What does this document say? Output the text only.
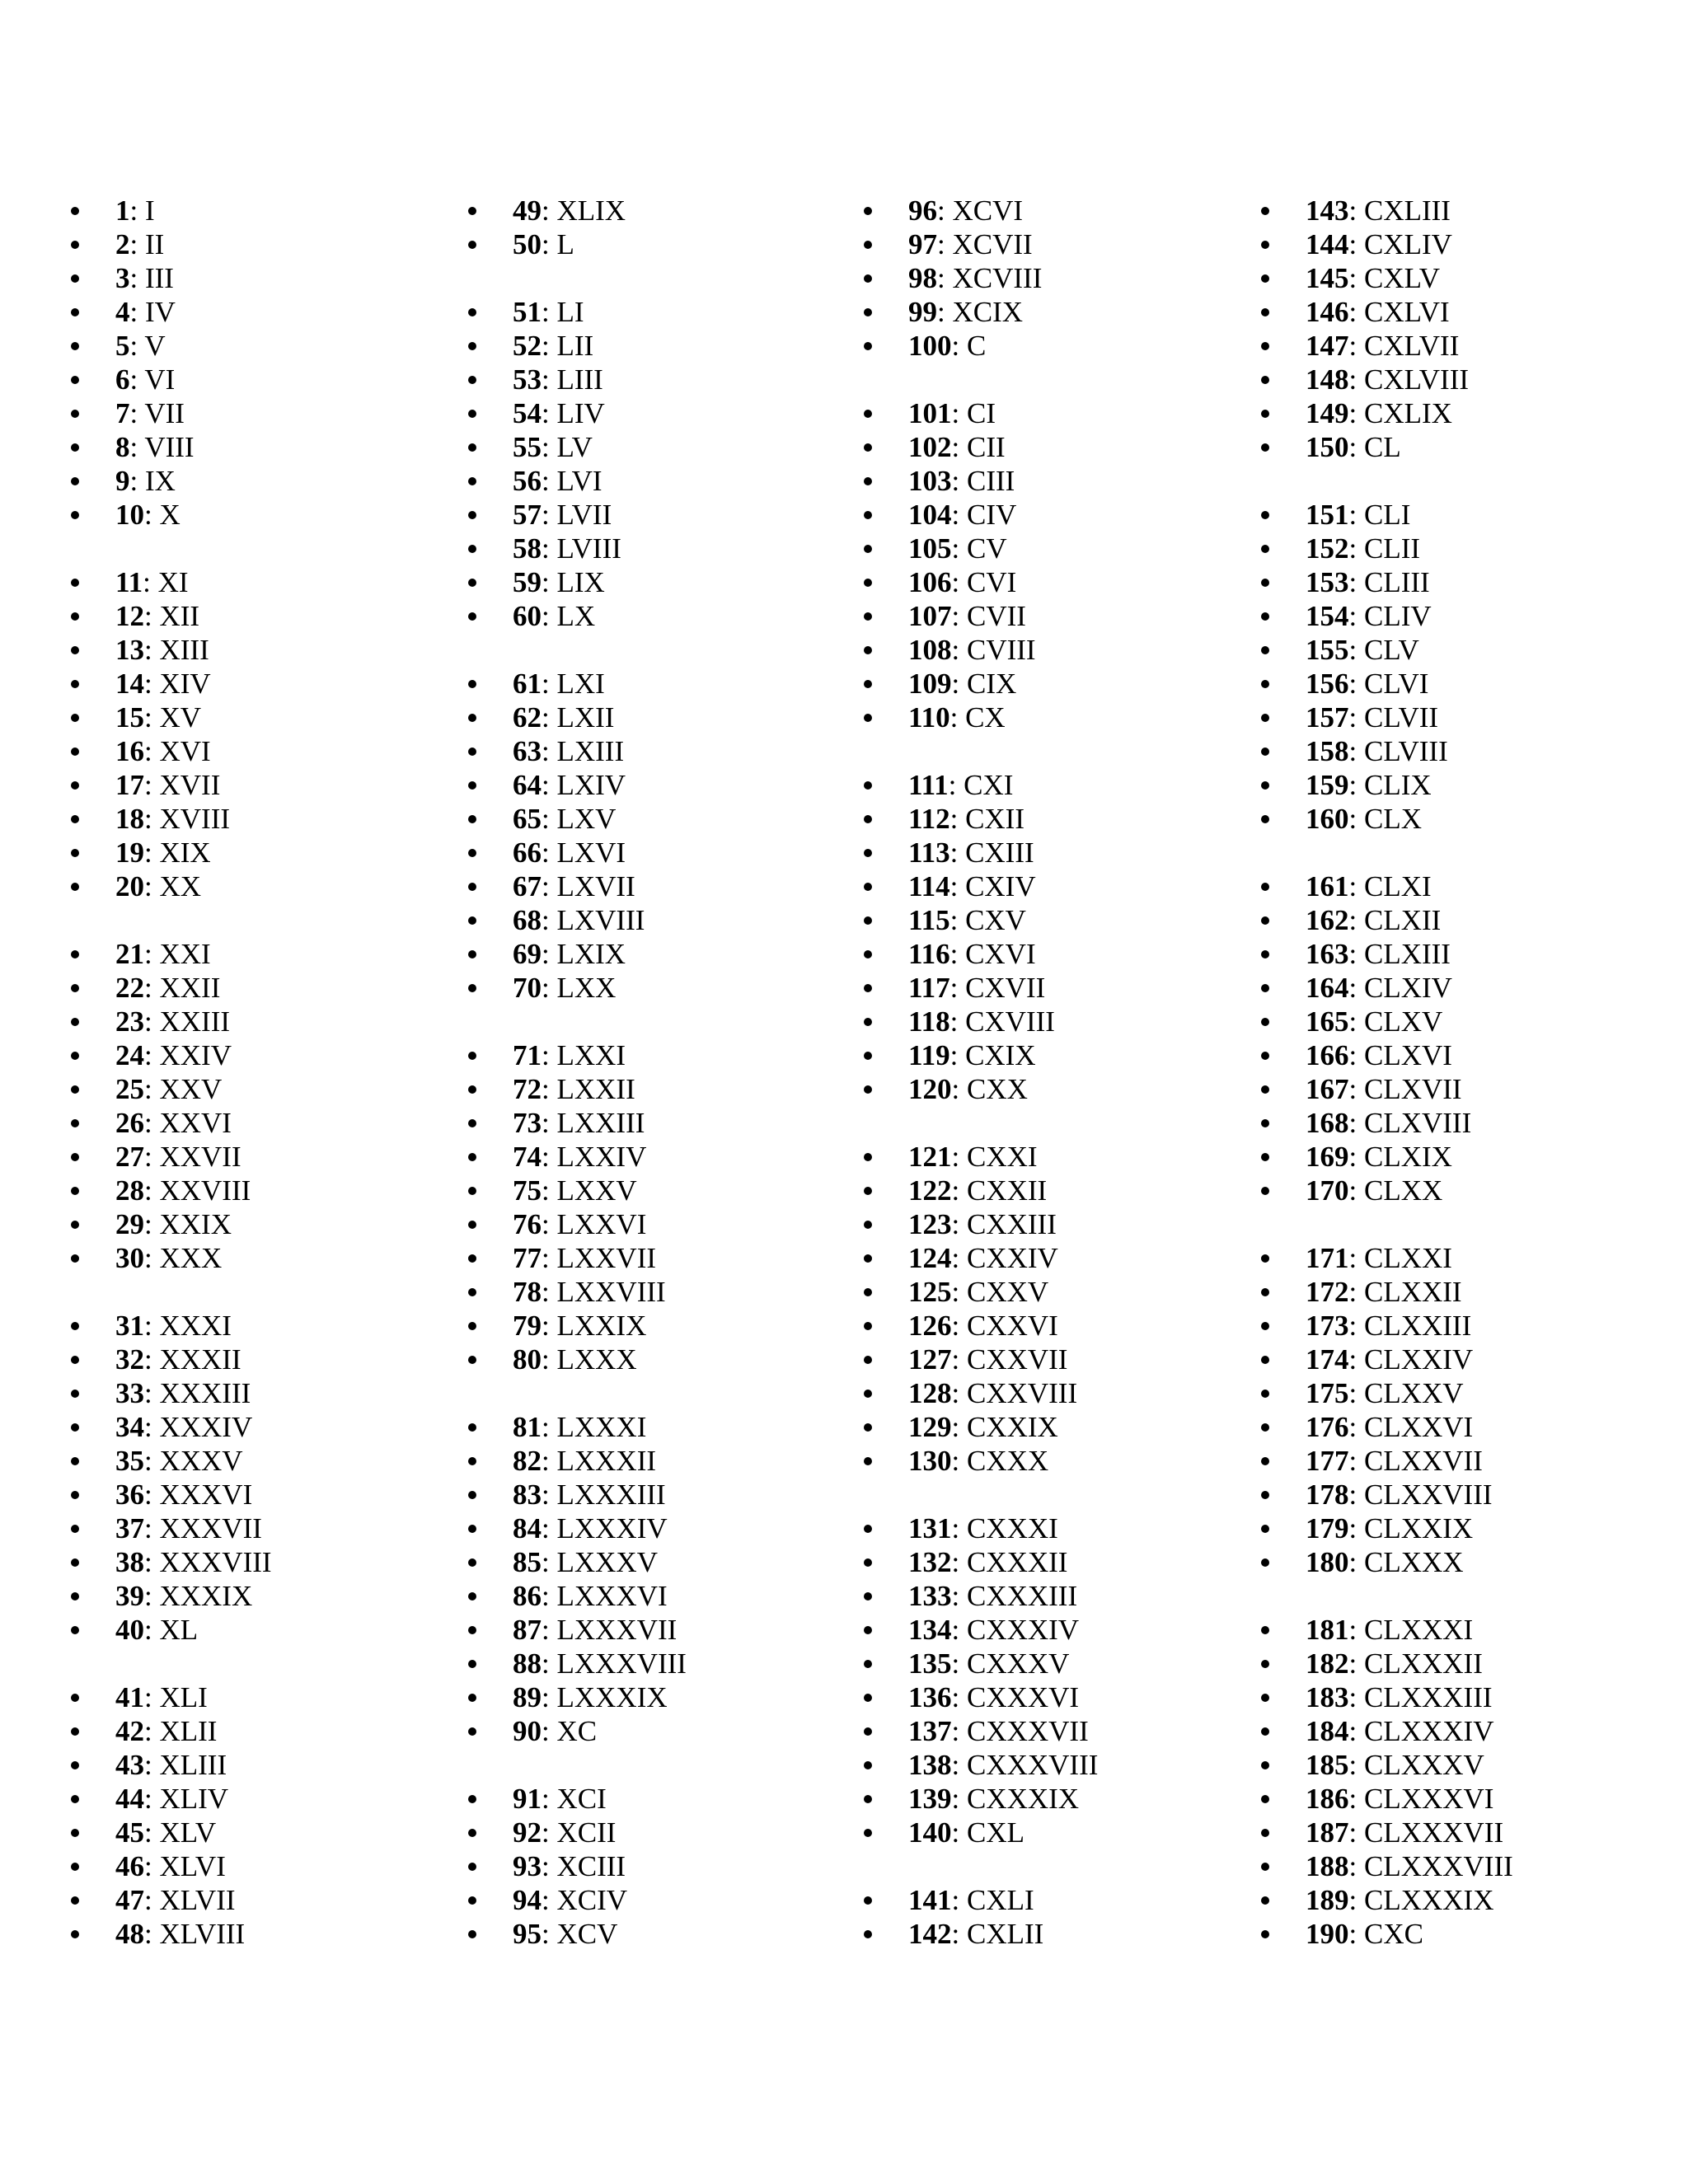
1: I
2: II
3: III
4: IV
5: V
6: VI
7: VII
8: VIII
9: IX
10: X
11: XI
12: XII
13: XIII
14: XIV
15: XV
16: XVI
17: XVII
18: XVIII
19: XIX
20: XX
21: XXI
22: XXII
23: XXIII
24: XXIV
25: XXV
26: XXVI
27: XXVII
28: XXVIII
29: XXIX
30: XXX
31: XXXI
32: XXXII
33: XXXIII
34: XXXIV
35: XXXV
36: XXXVI
37: XXXVII
38: XXXVIII
39: XXXIX
40: XL
41: XLI
42: XLII
43: XLIII
44: XLIV
45: XLV
46: XLVI
47: XLVII
48: XLVIII
49: XLIX
50: L
51: LI
52: LII
53: LIII
54: LIV
55: LV
56: LVI
57: LVII
58: LVIII
59: LIX
60: LX
61: LXI
62: LXII
63: LXIII
64: LXIV
65: LXV
66: LXVI
67: LXVII
68: LXVIII
69: LXIX
70: LXX
71: LXXI
72: LXXII
73: LXXIII
74: LXXIV
75: LXXV
76: LXXVI
77: LXXVII
78: LXXVIII
79: LXXIX
80: LXXX
81: LXXXI
82: LXXXII
83: LXXXIII
84: LXXXIV
85: LXXXV
86: LXXXVI
87: LXXXVII
88: LXXXVIII
89: LXXXIX
90: XC
91: XCI
92: XCII
93: XCIII
94: XCIV
95: XCV
96: XCVI
97: XCVII
98: XCVIII
99: XCIX
100: C
101: CI
102: CII
103: CIII
104: CIV
105: CV
106: CVI
107: CVII
108: CVIII
109: CIX
110: CX
111: CXI
112: CXII
113: CXIII
114: CXIV
115: CXV
116: CXVI
117: CXVII
118: CXVIII
119: CXIX
120: CXX
121: CXXI
122: CXXII
123: CXXIII
124: CXXIV
125: CXXV
126: CXXVI
127: CXXVII
128: CXXVIII
129: CXXIX
130: CXXX
131: CXXXI
132: CXXXII
133: CXXXIII
134: CXXXIV
135: CXXXV
136: CXXXVI
137: CXXXVII
138: CXXXVIII
139: CXXXIX
140: CXL
141: CXLI
142: CXLII
143: CXLIII
144: CXLIV
145: CXLV
146: CXLVI
147: CXLVII
148: CXLVIII
149: CXLIX
150: CL
151: CLI
152: CLII
153: CLIII
154: CLIV
155: CLV
156: CLVI
157: CLVII
158: CLVIII
159: CLIX
160: CLX
161: CLXI
162: CLXII
163: CLXIII
164: CLXIV
165: CLXV
166: CLXVI
167: CLXVII
168: CLXVIII
169: CLXIX
170: CLXX
171: CLXXI
172: CLXXII
173: CLXXIII
174: CLXXIV
175: CLXXV
176: CLXXVI
177: CLXXVII
178: CLXXVIII
179: CLXXIX
180: CLXXX
181: CLXXXI
182: CLXXXII
183: CLXXXIII
184: CLXXXIV
185: CLXXXV
186: CLXXXVI
187: CLXXXVII
188: CLXXXVIII
189: CLXXXIX
190: CXC
